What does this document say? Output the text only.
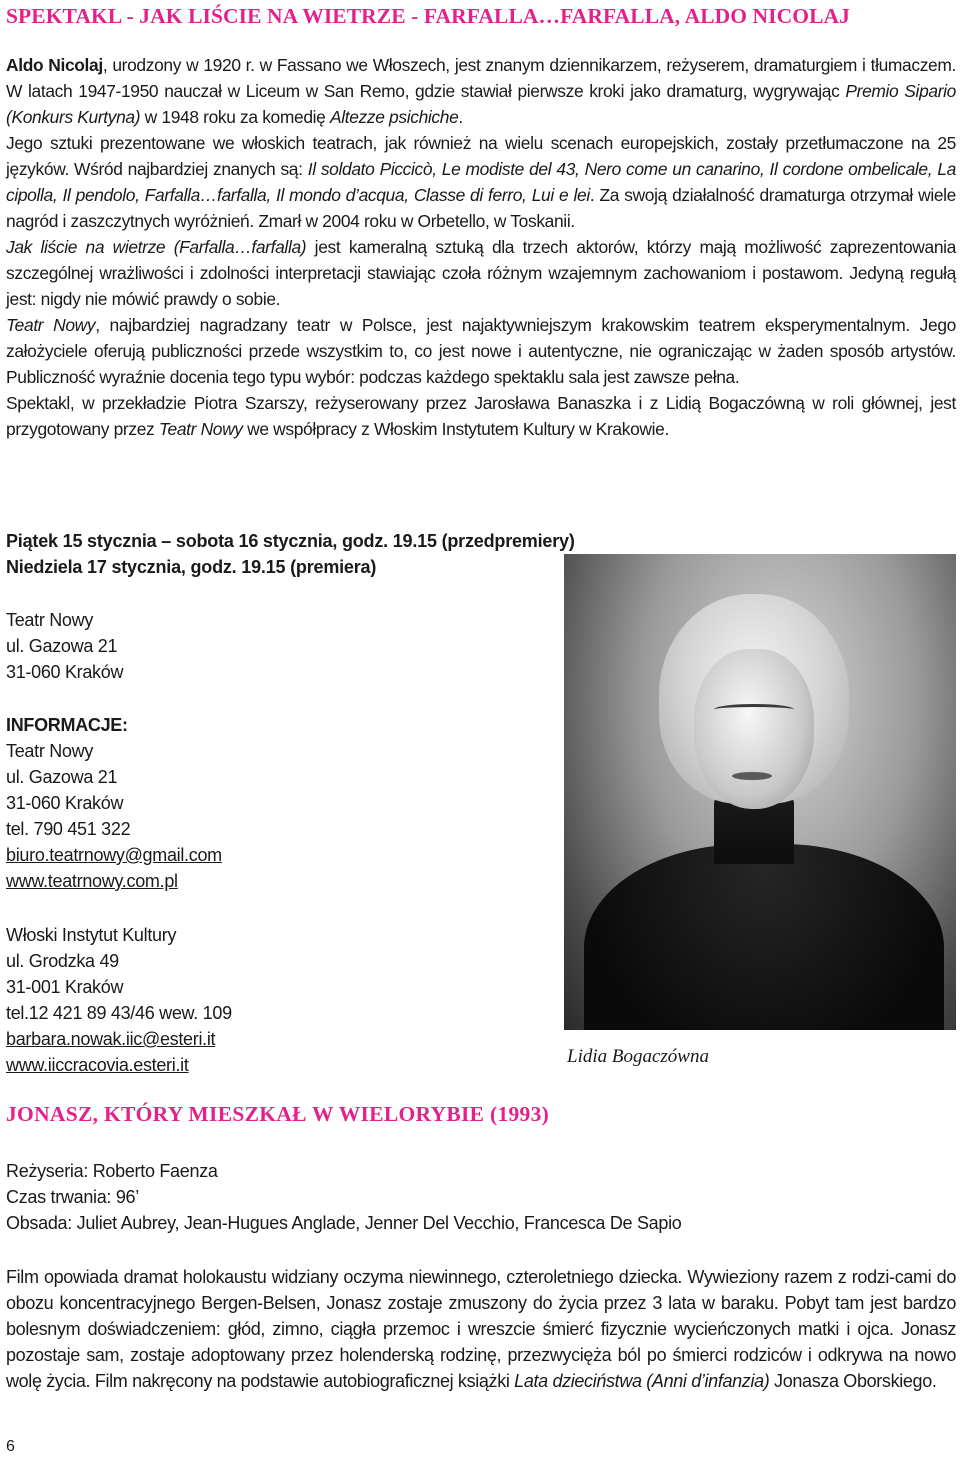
SPEKTAKL - JAK LIŚCIE NA WIETRZE - FARFALLA…FARFALLA, ALDO NICOLAJ

Aldo Nicolaj, urodzony w 1920 r. w Fassano we Włoszech, jest znanym dziennikarzem, reżyserem, dramaturgiem i tłumaczem. W latach 1947-1950 nauczał w Liceum w San Remo, gdzie stawiał pierwsze kroki jako dramaturg, wygrywając Premio Sipario (Konkurs Kurtyna) w 1948 roku za komedię Altezze psichiche.

Jego sztuki prezentowane we włoskich teatrach, jak również na wielu scenach europejskich, zostały przetłumaczone na 25 języków. Wśród najbardziej znanych są: Il soldato Piccicò, Le modiste del 43, Nero come un canarino, Il cordone ombelicale, La cipolla, Il pendolo, Farfalla…farfalla, Il mondo d’acqua, Classe di ferro, Lui e lei. Za swoją działalność dramaturga otrzymał wiele nagród i zaszczytnych wyróżnień. Zmarł w 2004 roku w Orbetello, w Toskanii.

Jak liście na wietrze (Farfalla…farfalla) jest kameralną sztuką dla trzech aktorów, którzy mają możliwość zaprezentowania szczególnej wrażliwości i zdolności interpretacji stawiając czoła różnym wzajemnym zachowaniom i postawom. Jedyną regułą jest: nigdy nie mówić prawdy o sobie.

Teatr Nowy, najbardziej nagradzany teatr w Polsce, jest najaktywniejszym krakowskim teatrem eksperymentalnym. Jego założyciele oferują publiczności przede wszystkim to, co jest nowe i autentyczne, nie ograniczając w żaden sposób artystów. Publiczność wyraźnie docenia tego typu wybór: podczas każdego spektaklu sala jest zawsze pełna.

Spektakl, w przekładzie Piotra Szarszy, reżyserowany przez Jarosława Banaszka i z Lidią Bogaczówną w roli głównej, jest przygotowany przez Teatr Nowy we współpracy z Włoskim Instytutem Kultury w Krakowie.

Piątek 15 stycznia – sobota 16 stycznia, godz. 19.15 (przedpremiery)
Niedziela 17 stycznia, godz. 19.15 (premiera)
Teatr Nowy
ul. Gazowa 21
31-060 Kraków
INFORMACJE:
Teatr Nowy
ul. Gazowa 21
31-060 Kraków
tel. 790 451 322
biuro.teatrnowy@gmail.com
www.teatrnowy.com.pl
Włoski Instytut Kultury
ul. Grodzka 49
31-001 Kraków
tel.12 421 89 43/46 wew. 109
barbara.nowak.iic@esteri.it
www.iiccracovia.esteri.it
JONASZ, KTÓRY MIESZKAŁ W WIELORYBIE (1993)
Reżyseria: Roberto Faenza
Czas trwania: 96’
Obsada: Juliet Aubrey, Jean-Hugues Anglade, Jenner Del Vecchio, Francesca De Sapio

Film opowiada dramat holokaustu widziany oczyma niewinnego, czteroletniego dziecka. Wywieziony razem z rodzi-cami do obozu koncentracyjnego Bergen-Belsen, Jonasz zostaje zmuszony do życia przez 3 lata w baraku. Pobyt tam jest bardzo bolesnym doświadczeniem: głód, zimno, ciągła przemoc i wreszcie śmierć fizycznie wycieńczonych matki i ojca. Jonasz pozostaje sam, zostaje adoptowany przez holenderską rodzinę, przezwycięża ból po śmierci rodziców i odkrywa na nowo wolę życia. Film nakręcony na podstawie autobiograficznej książki Lata dzieciństwa (Anni d’infanzia) Jonasza Oborskiego.

6
Lidia Bogaczówna
